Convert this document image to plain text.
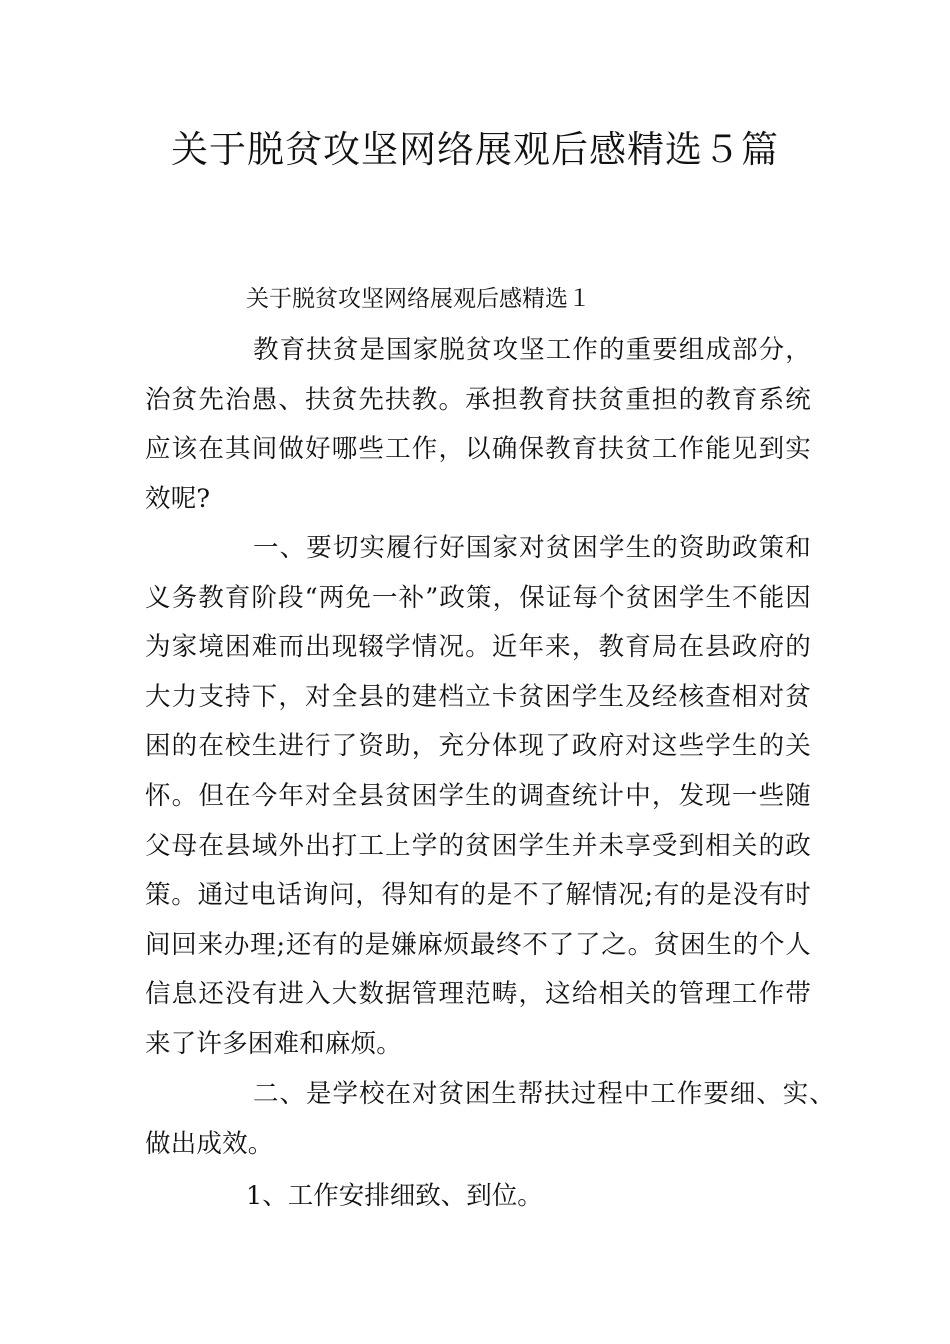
关于脱贫攻坚网络展观后感精选５篇

关于脱贫攻坚网络展观后感精选１

教育扶贫是国家脱贫攻坚工作的重要组成部分，治贫先治愚、扶贫先扶教。承担教育扶贫重担的教育系统应该在其间做好哪些工作，以确保教育扶贫工作能见到实效呢?

一、要切实履行好国家对贫困学生的资助政策和义务教育阶段“两免一补”政策，保证每个贫困学生不能因为家境困难而出现辍学情况。近年来，教育局在县政府的大力支持下，对全县的建档立卡贫困学生及经核查相对贫困的在校生进行了资助，充分体现了政府对这些学生的关怀。但在今年对全县贫困学生的调查统计中，发现一些随父母在县域外出打工上学的贫困学生并未享受到相关的政策。通过电话询问，得知有的是不了解情况;有的是没有时间回来办理;还有的是嫌麻烦最终不了了之。贫困生的个人信息还没有进入大数据管理范畴，这给相关的管理工作带来了许多困难和麻烦。

二、是学校在对贫困生帮扶过程中工作要细、实、做出成效。

1、工作安排细致、到位。
